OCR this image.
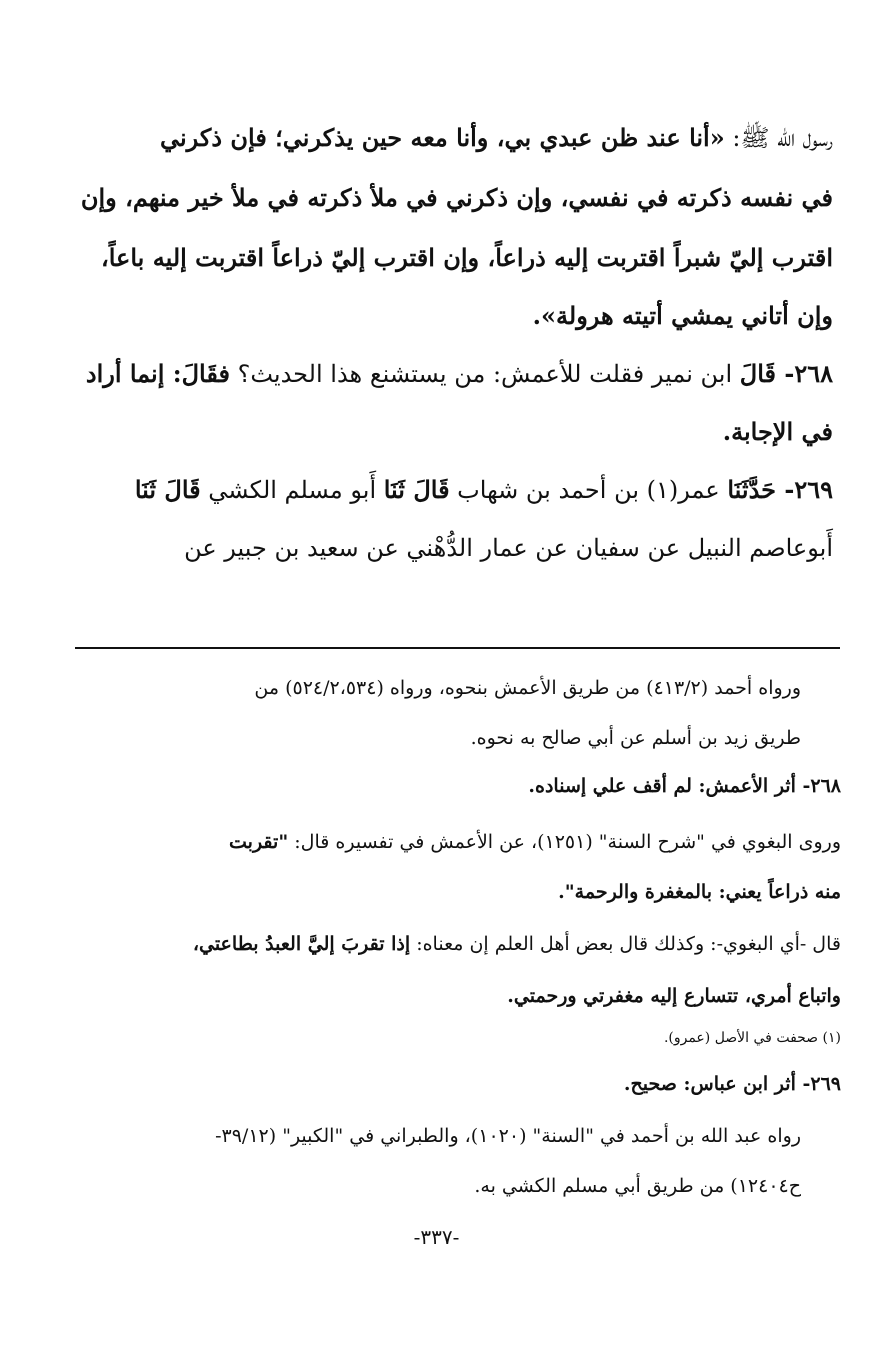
رسول الله ﷺ: «أنا عند ظن عبدي بي، وأنا معه حين يذكرني؛ فإن ذكرني
في نفسه ذكرته في نفسي، وإن ذكرني في ملأ ذكرته في ملأ خير منهم، وإن
اقترب إليّ شبراً اقتربت إليه ذراعاً، وإن اقترب إليّ ذراعاً اقتربت إليه باعاً،
وإن أتاني يمشي أتيته هرولة».
٢٦٨- قَالَ ابن نمير فقلت للأعمش: من يستشنع هذا الحديث؟ فقَالَ: إنما أراد
في الإجابة.
٢٦٩- حَدَّثَنَا عمر(١) بن أحمد بن شهاب قَالَ ثَنَا أَبو مسلم الكشي قَالَ ثَنَا
أَبوعاصم النبيل عن سفيان عن عمار الدُّهْني عن سعيد بن جبير عن
ورواه أحمد (٤١٣/٢) من طريق الأعمش بنحوه، ورواه (٥٢٤/٢،٥٣٤) من
طريق زيد بن أسلم عن أبي صالح به نحوه.
٢٦٨- أثر الأعمش: لم أقف علي إسناده.
وروى البغوي في "شرح السنة" (١٢٥١)، عن الأعمش في تفسيره قال: "تقربت
منه ذراعاً يعني: بالمغفرة والرحمة".
قال -أي البغوي-: وكذلك قال بعض أهل العلم إن معناه: إذا تقربَ إليَّ العبدُ بطاعتي،
واتباع أمري، تتسارع إليه مغفرتي ورحمتي.
(١) صحفت في الأصل (عمرو).
٢٦٩- أثر ابن عباس: صحيح.
رواه عبد الله بن أحمد في "السنة" (١٠٢٠)، والطبراني في "الكبير" (٣٩/١٢-
ح١٢٤٠٤) من طريق أبي مسلم الكشي به.
-٣٣٧-
